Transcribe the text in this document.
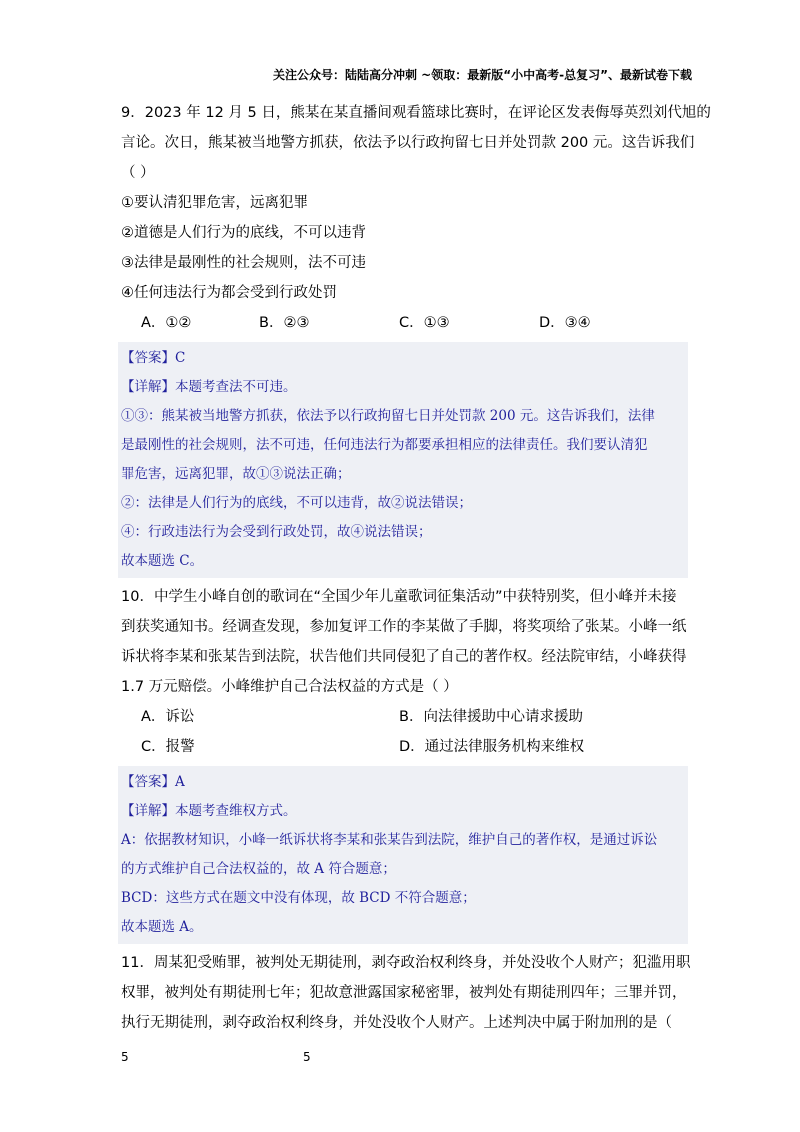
关注公众号：陆陆高分冲刺 ~领取：最新版“小中高考-总复习”、最新试卷下载
9．2023 年 12 月 5 日，熊某在某直播间观看篮球比赛时，在评论区发表侮辱英烈刘代旭的
言论。次日，熊某被当地警方抓获，依法予以行政拘留七日并处罚款 200 元。这告诉我们
（ ）
①要认清犯罪危害，远离犯罪
②道德是人们行为的底线，不可以违背
③法律是最刚性的社会规则，法不可违
④任何违法行为都会受到行政处罚
A．①②	B．②③	C．①③	D．③④
【答案】C
【详解】本题考查法不可违。
①③：熊某被当地警方抓获，依法予以行政拘留七日并处罚款 200 元。这告诉我们，法律
是最刚性的社会规则，法不可违，任何违法行为都要承担相应的法律责任。我们要认清犯
罪危害，远离犯罪，故①③说法正确；
②：法律是人们行为的底线，不可以违背，故②说法错误；
④：行政违法行为会受到行政处罚，故④说法错误；
故本题选 C。
10．中学生小峰自创的歌词在“全国少年儿童歌词征集活动”中获特别奖，但小峰并未接
到获奖通知书。经调查发现，参加复评工作的李某做了手脚，将奖项给了张某。小峰一纸
诉状将李某和张某告到法院，状告他们共同侵犯了自己的著作权。经法院审结，小峰获得
1.7 万元赔偿。小峰维护自己合法权益的方式是（ ）
A．诉讼	B．向法律援助中心请求援助
C．报警	D．通过法律服务机构来维权
【答案】A
【详解】本题考查维权方式。
A：依据教材知识，小峰一纸诉状将李某和张某告到法院，维护自己的著作权，是通过诉讼
的方式维护自己合法权益的，故 A 符合题意；
BCD：这些方式在题文中没有体现，故 BCD 不符合题意；
故本题选 A。
11．周某犯受贿罪，被判处无期徒刑，剥夺政治权利终身，并处没收个人财产；犯滥用职
权罪，被判处有期徒刑七年；犯故意泄露国家秘密罪，被判处有期徒刑四年；三罪并罚，
执行无期徒刑，剥夺政治权利终身，并处没收个人财产。上述判决中属于附加刑的是（
5	5
